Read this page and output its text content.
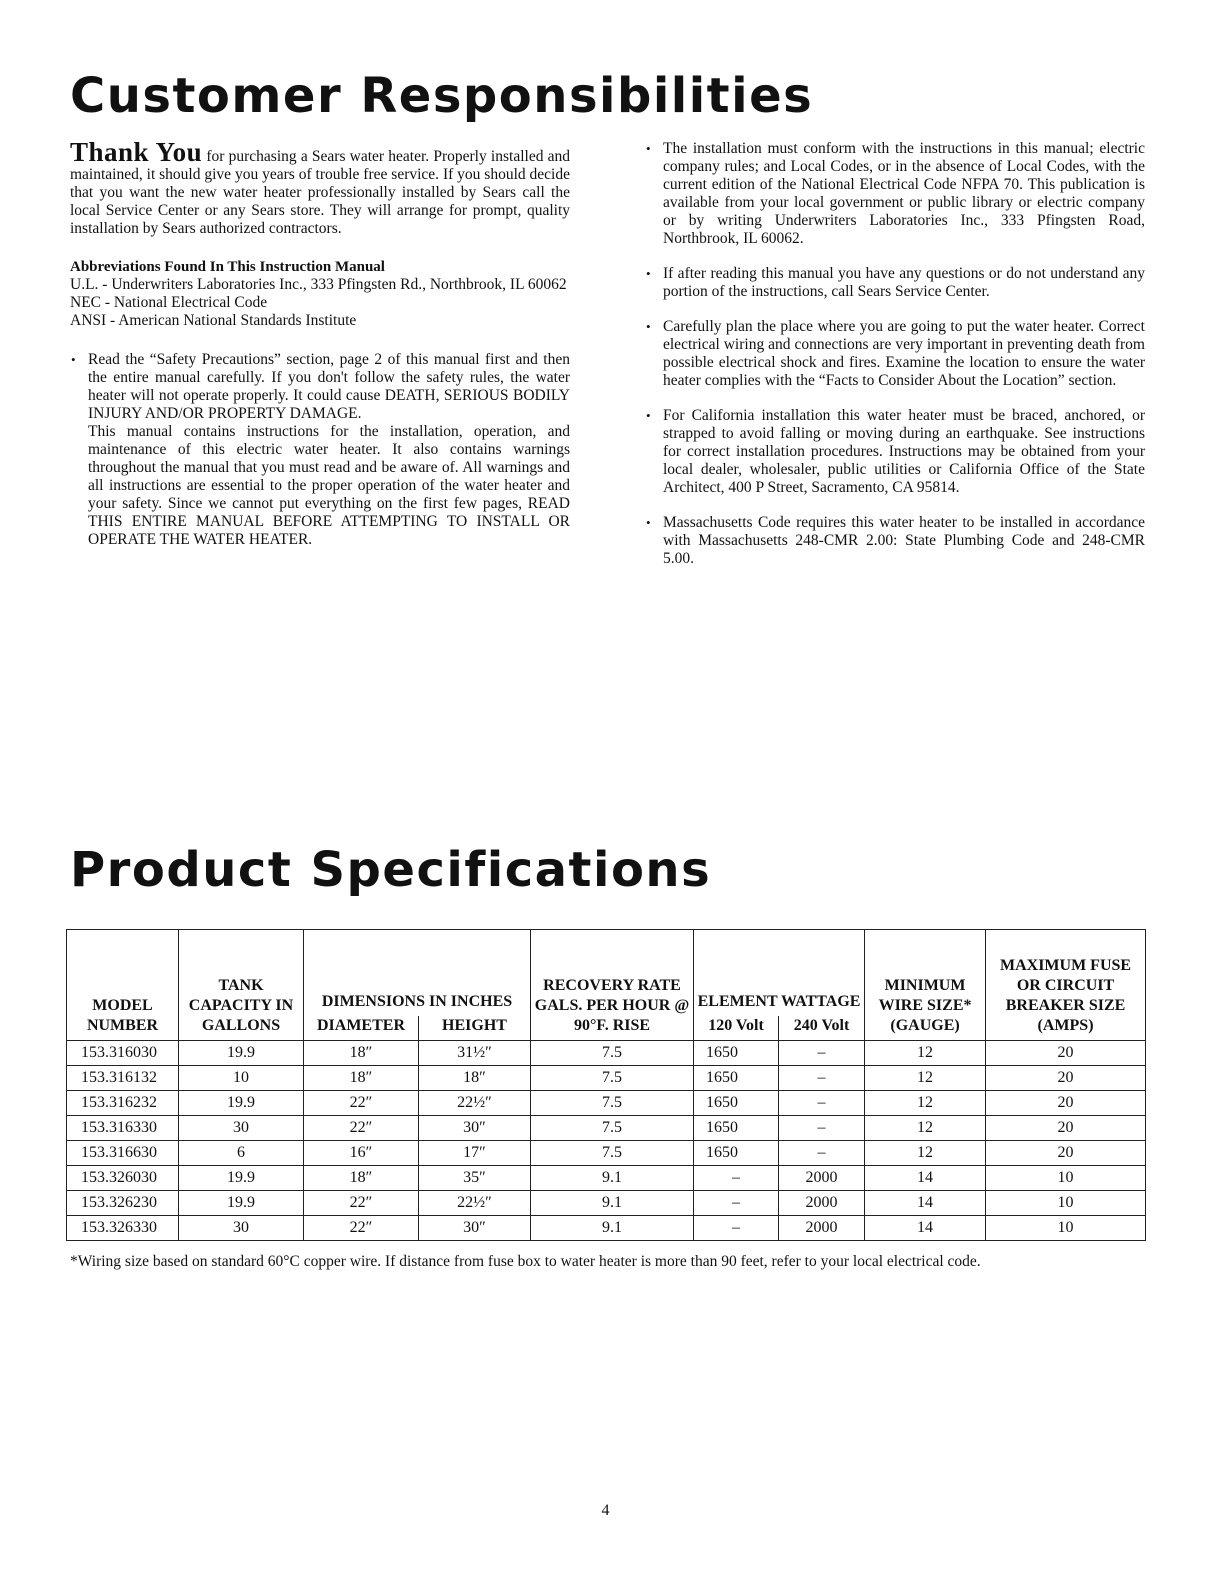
Customer Responsibilities

Thank You for purchasing a Sears water heater. Properly installed and maintained, it should give you years of trouble free service. If you should decide that you want the new water heater professionally installed by Sears call the local Service Center or any Sears store. They will arrange for prompt, quality installation by Sears authorized contractors.

Abbreviations Found In This Instruction Manual
U.L. - Underwriters Laboratories Inc., 333 Pfingsten Rd., Northbrook, IL 60062
NEC - National Electrical Code
ANSI - American National Standards Institute
• Read the “Safety Precautions” section, page 2 of this manual first and then the entire manual carefully. If you don't follow the safety rules, the water heater will not operate properly. It could cause DEATH, SERIOUS BODILY INJURY AND/OR PROPERTY DAMAGE.
This manual contains instructions for the installation, operation, and maintenance of this electric water heater. It also contains warnings throughout the manual that you must read and be aware of. All warnings and all instructions are essential to the proper operation of the water heater and your safety. Since we cannot put everything on the first few pages, READ THIS ENTIRE MANUAL BEFORE ATTEMPTING TO INSTALL OR OPERATE THE WATER HEATER.
• The installation must conform with the instructions in this manual; electric company rules; and Local Codes, or in the absence of Local Codes, with the current edition of the National Electrical Code NFPA 70. This publication is available from your local government or public library or electric company or by writing Underwriters Laboratories Inc., 333 Pfingsten Road, Northbrook, IL 60062.
• If after reading this manual you have any questions or do not understand any portion of the instructions, call Sears Service Center.
• Carefully plan the place where you are going to put the water heater. Correct electrical wiring and connections are very important in preventing death from possible electrical shock and fires. Examine the location to ensure the water heater complies with the “Facts to Consider About the Location” section.
• For California installation this water heater must be braced, anchored, or strapped to avoid falling or moving during an earthquake. See instructions for correct installation procedures. Instructions may be obtained from your local dealer, wholesaler, public utilities or California Office of the State Architect, 400 P Street, Sacramento, CA 95814.
• Massachusetts Code requires this water heater to be installed in accordance with Massachusetts 248-CMR 2.00: State Plumbing Code and 248-CMR 5.00.
Product Specifications
MODEL NUMBER	TANK CAPACITY IN GALLONS	DIMENSIONS IN INCHES		RECOVERY RATE GALS. PER HOUR @ 90°F. RISE	ELEMENT WATTAGE		MINIMUM WIRE SIZE* (GAUGE)	MAXIMUM FUSE OR CIRCUIT BREAKER SIZE (AMPS)
		DIAMETER	HEIGHT		120 Volt	240 Volt		
153.316030	19.9	18″	31½″	7.5	1650	–	12	20
153.316132	10	18″	18″	7.5	1650	–	12	20
153.316232	19.9	22″	22½″	7.5	1650	–	12	20
153.316330	30	22″	30″	7.5	1650	–	12	20
153.316630	6	16″	17″	7.5	1650	–	12	20
153.326030	19.9	18″	35″	9.1	–	2000	14	10
153.326230	19.9	22″	22½″	9.1	–	2000	14	10
153.326330	30	22″	30″	9.1	–	2000	14	10

*Wiring size based on standard 60°C copper wire. If distance from fuse box to water heater is more than 90 feet, refer to your local electrical code.

4
